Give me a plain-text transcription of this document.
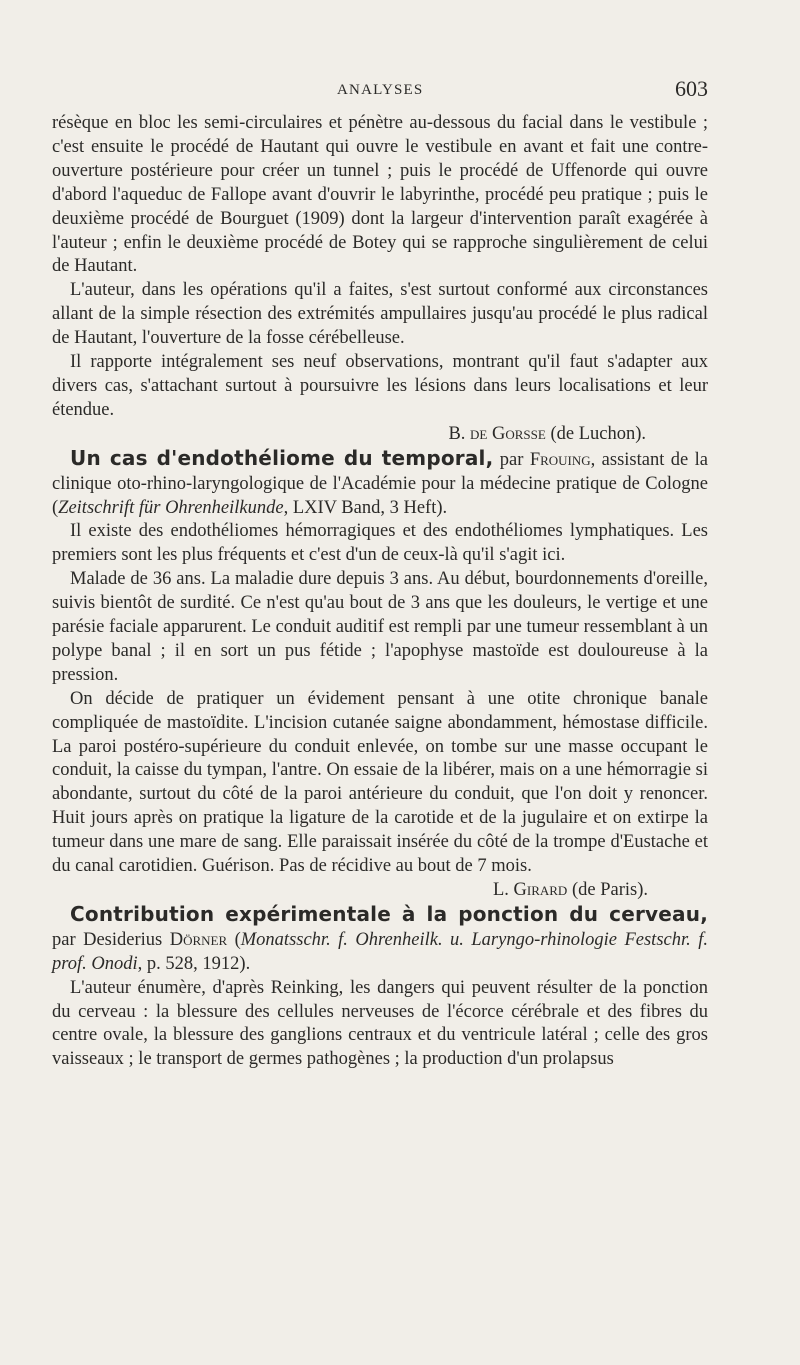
ANALYSES	603

résèque en bloc les semi-circulaires et pénètre au-dessous du facial dans le vestibule ; c'est ensuite le procédé de Hautant qui ouvre le vestibule en avant et fait une contre-ouverture postérieure pour créer un tunnel ; puis le procédé de Uffenorde qui ouvre d'abord l'aqueduc de Fallope avant d'ouvrir le labyrinthe, procédé peu pratique ; puis le deuxième procédé de Bourguet (1909) dont la largeur d'intervention paraît exagérée à l'auteur ; enfin le deuxième procédé de Botey qui se rapproche singulièrement de celui de Hautant.

L'auteur, dans les opérations qu'il a faites, s'est surtout conformé aux circonstances allant de la simple résection des extrémités ampullaires jusqu'au procédé le plus radical de Hautant, l'ouverture de la fosse cérébelleuse.

Il rapporte intégralement ses neuf observations, montrant qu'il faut s'adapter aux divers cas, s'attachant surtout à poursuivre les lésions dans leurs localisations et leur étendue.

B. de Gorsse (de Luchon).

Un cas d'endothéliome du temporal, par Frouing, assistant de la clinique oto-rhino-laryngologique de l'Académie pour la médecine pratique de Cologne (Zeitschrift für Ohrenheilkunde, LXIV Band, 3 Heft).

Il existe des endothéliomes hémorragiques et des endothéliomes lymphatiques. Les premiers sont les plus fréquents et c'est d'un de ceux-là qu'il s'agit ici.

Malade de 36 ans. La maladie dure depuis 3 ans. Au début, bourdonnements d'oreille, suivis bientôt de surdité. Ce n'est qu'au bout de 3 ans que les douleurs, le vertige et une parésie faciale apparurent. Le conduit auditif est rempli par une tumeur ressemblant à un polype banal ; il en sort un pus fétide ; l'apophyse mastoïde est douloureuse à la pression.

On décide de pratiquer un évidement pensant à une otite chronique banale compliquée de mastoïdite. L'incision cutanée saigne abondamment, hémostase difficile. La paroi postéro-supérieure du conduit enlevée, on tombe sur une masse occupant le conduit, la caisse du tympan, l'antre. On essaie de la libérer, mais on a une hémorragie si abondante, surtout du côté de la paroi antérieure du conduit, que l'on doit y renoncer. Huit jours après on pratique la ligature de la carotide et de la jugulaire et on extirpe la tumeur dans une mare de sang. Elle paraissait insérée du côté de la trompe d'Eustache et du canal carotidien. Guérison. Pas de récidive au bout de 7 mois.

L. Girard (de Paris).

Contribution expérimentale à la ponction du cerveau, par Desiderius Dörner (Monatsschr. f. Ohrenheilk. u. Laryngo-rhinologie Festschr. f. prof. Onodi, p. 528, 1912).

L'auteur énumère, d'après Reinking, les dangers qui peuvent résulter de la ponction du cerveau : la blessure des cellules nerveuses de l'écorce cérébrale et des fibres du centre ovale, la blessure des ganglions centraux et du ventricule latéral ; celle des gros vaisseaux ; le transport de germes pathogènes ; la production d'un prolapsus
